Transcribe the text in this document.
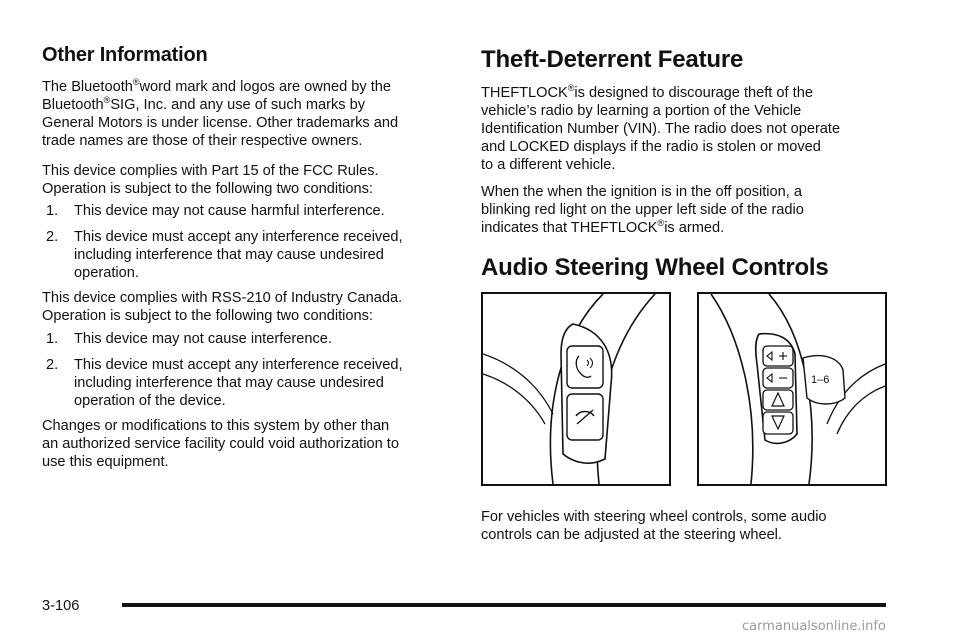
Other Information

The Bluetooth®word mark and logos are owned by the

Bluetooth®SIG, Inc. and any use of such marks by

General Motors is under license. Other trademarks and

trade names are those of their respective owners.

This device complies with Part 15 of the FCC Rules.

Operation is subject to the following two conditions:

1. This device may not cause harmful interference.
2. This device must accept any interference received,
including interference that may cause undesired
operation.

This device complies with RSS-210 of Industry Canada.

Operation is subject to the following two conditions:

1. This device may not cause interference.
2. This device must accept any interference received,
including interference that may cause undesired
operation of the device.

Changes or modifications to this system by other than

an authorized service facility could void authorization to

use this equipment.

Theft-Deterrent Feature

THEFTLOCK®is designed to discourage theft of the

vehicle’s radio by learning a portion of the Vehicle

Identification Number (VIN). The radio does not operate

and LOCKED displays if the radio is stolen or moved

to a different vehicle.

When the when the ignition is in the off position, a

blinking red light on the upper left side of the radio

indicates that THEFTLOCK®is armed.

Audio Steering Wheel Controls
1–6

For vehicles with steering wheel controls, some audio

controls can be adjusted at the steering wheel.

3-106
carmanualsonline.info
